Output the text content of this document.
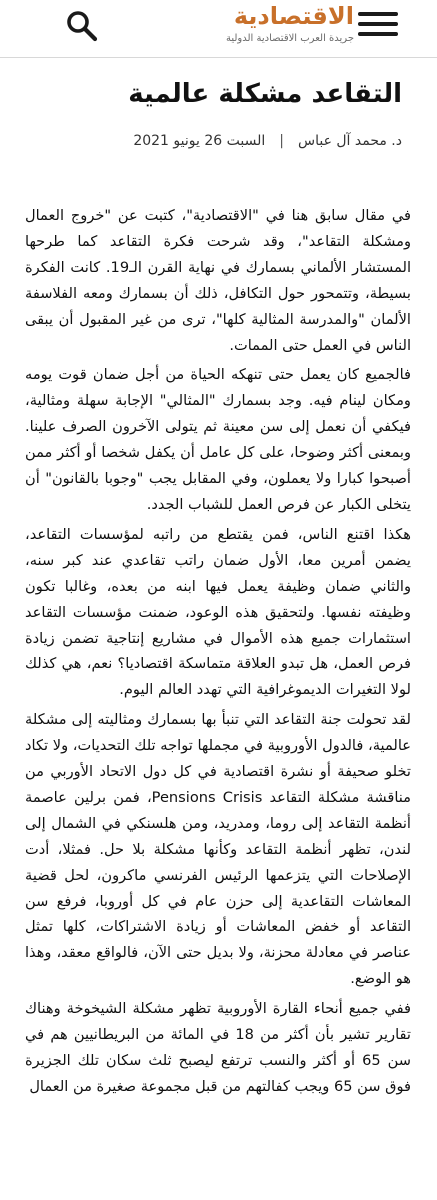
الاقتصادية
جريدة العرب الاقتصادية الدولية
التقاعد مشكلة عالمية
د. محمد آل عباس|السبت 26 يونيو 2021

في مقال سابق هنا في "الاقتصادية"، كتبت عن "خروج العمال ومشكلة التقاعد"، وقد شرحت فكرة التقاعد كما طرحها المستشار الألماني بسمارك في نهاية القرن الـ19. كانت الفكرة بسيطة، وتتمحور حول التكافل، ذلك أن بسمارك ومعه الفلاسفة الألمان "والمدرسة المثالية كلها"، ترى من غير المقبول أن يبقى الناس في العمل حتى الممات.

فالجميع كان يعمل حتى تنهكه الحياة من أجل ضمان قوت يومه ومكان لينام فيه. وجد بسمارك "المثالي" الإجابة سهلة ومثالية، فيكفي أن نعمل إلى سن معينة ثم يتولى الآخرون الصرف علينا. وبمعنى أكثر وضوحا، على كل عامل أن يكفل شخصا أو أكثر ممن أصبحوا كبارا ولا يعملون، وفي المقابل يجب "وجوبا بالقانون" أن يتخلى الكبار عن فرص العمل للشباب الجدد.

هكذا اقتنع الناس، فمن يقتطع من راتبه لمؤسسات التقاعد، يضمن أمرين معا، الأول ضمان راتب تقاعدي عند كبر سنه، والثاني ضمان وظيفة يعمل فيها ابنه من بعده، وغالبا تكون وظيفته نفسها. ولتحقيق هذه الوعود، ضمنت مؤسسات التقاعد استثمارات جميع هذه الأموال في مشاريع إنتاجية تضمن زيادة فرص العمل، هل تبدو العلاقة متماسكة اقتصاديا؟ نعم، هي كذلك لولا التغيرات الديموغرافية التي تهدد العالم اليوم.

لقد تحولت جنة التقاعد التي تنبأ بها بسمارك ومثاليته إلى مشكلة عالمية، فالدول الأوروبية في مجملها تواجه تلك التحديات، ولا تكاد تخلو صحيفة أو نشرة اقتصادية في كل دول الاتحاد الأوربي من مناقشة مشكلة التقاعد Pensions Crisis، فمن برلين عاصمة أنظمة التقاعد إلى روما، ومدريد، ومن هلسنكي في الشمال إلى لندن، تظهر أنظمة التقاعد وكأنها مشكلة بلا حل. فمثلا، أدت الإصلاحات التي يتزعمها الرئيس الفرنسي ماكرون، لحل قضية المعاشات التقاعدية إلى حزن عام في كل أوروبا، فرفع سن التقاعد أو خفض المعاشات أو زيادة الاشتراكات، كلها تمثل عناصر في معادلة محزنة، ولا بديل حتى الآن، فالواقع معقد، وهذا هو الوضع.

ففي جميع أنحاء القارة الأوروبية تظهر مشكلة الشيخوخة وهناك تقارير تشير بأن أكثر من 18 في المائة من البريطانيين هم في سن 65 أو أكثر والنسب ترتفع ليصبح ثلث سكان تلك الجزيرة فوق سن 65 ويجب كفالتهم من قبل مجموعة صغيرة من العمال
